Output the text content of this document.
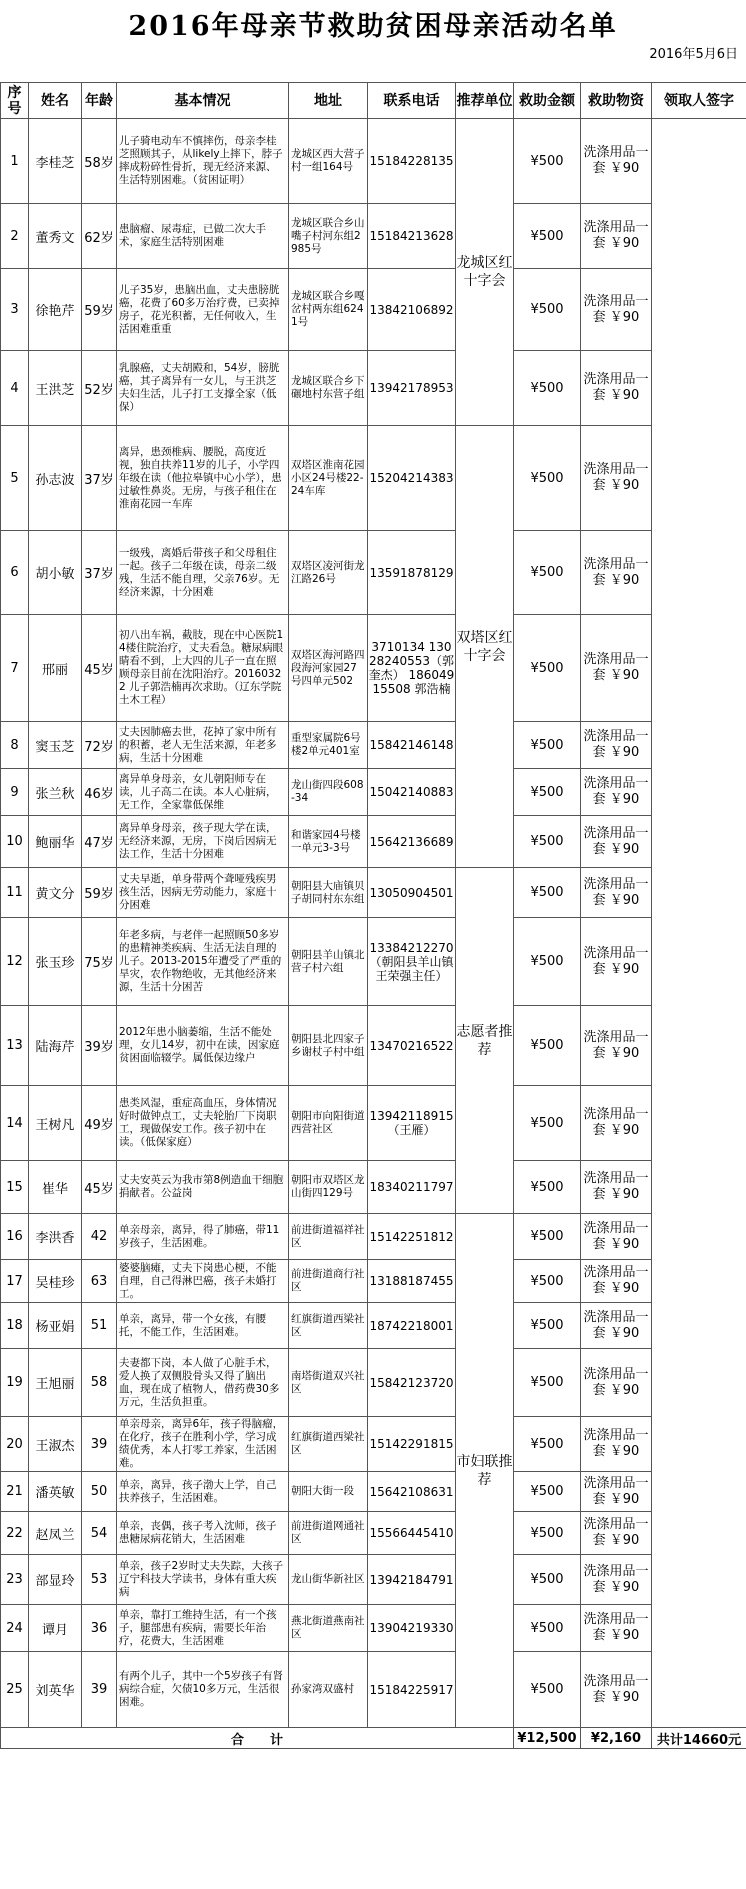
2016年母亲节救助贫困母亲活动名单
2016年5月6日
序号	姓名	年龄	基本情况	地址	联系电话	推荐单位	救助金额	救助物资	领取人签字
1	李桂芝	58岁	儿子骑电动车不慎摔伤，母亲李桂芝照顾其子，从likely上摔下，脖子摔成粉碎性骨折，现无经济来源、生活特别困难。（贫困证明）	龙城区西大营子村一组164号	15184228135	龙城区红十字会	¥500	洗涤用品一套 ￥90	
2	董秀文	62岁	患脑瘤、尿毒症，已做二次大手术，家庭生活特别困难	龙城区联合乡山嘴子村河东组2985号	15184213628		¥500	洗涤用品一套 ￥90	
3	徐艳芹	59岁	儿子35岁，患脑出血，丈夫患膀胱癌，花费了60多万治疗费，已卖掉房子，花光积蓄，无任何收入，生活困难重重	龙城区联合乡嘎岔村两东组6241号	13842106892		¥500	洗涤用品一套 ￥90	
4	王洪芝	52岁	乳腺癌，丈夫胡殿和，54岁，膀胱癌，其子离异有一女儿，与王洪芝夫妇生活，儿子打工支撑全家（低保）	龙城区联合乡下碾地村东营子组	13942178953		¥500	洗涤用品一套 ￥90	
5	孙志波	37岁	离异，患颈椎病、腰脱，高度近视，独自扶养11岁的儿子，小学四年级在读（他拉皋镇中心小学），患过敏性鼻炎。无房，与孩子租住在淮南花园一车库	双塔区淮南花园小区24号楼22-24车库	15204214383	双塔区红十字会	¥500	洗涤用品一套 ￥90	
6	胡小敏	37岁	一级残，离婚后带孩子和父母租住一起。孩子二年级在读，母亲二级残，生活不能自理，父亲76岁。无经济来源，十分困难	双塔区凌河街龙江路26号	13591878129		¥500	洗涤用品一套 ￥90	
7	邢丽	45岁	初八出车祸，截肢，现在中心医院14楼住院治疗，丈夫看急。糖尿病眼睛看不到，上大四的儿子一直在照顾母亲目前在沈阳治疗。20160322 儿子郭浩楠再次求助。（辽东学院土木工程）	双塔区海河路四段海河家园27号四单元502	3710134 13028240553（郭奎杰） 18604915508 郭浩楠		¥500	洗涤用品一套 ￥90	
8	窦玉芝	72岁	丈夫因肺癌去世，花掉了家中所有的积蓄，老人无生活来源，年老多病，生活十分困难	重型家属院6号楼2单元401室	15842146148		¥500	洗涤用品一套 ￥90	
9	张兰秋	46岁	离异单身母亲，女儿朝阳师专在读，儿子高二在读。本人心脏病，无工作，全家靠低保维	龙山街四段608-34	15042140883		¥500	洗涤用品一套 ￥90	
10	鲍丽华	47岁	离异单身母亲，孩子现大学在读，无经济来源，无房，下岗后因病无法工作，生活十分困难	和谐家园4号楼一单元3-3号	15642136689		¥500	洗涤用品一套 ￥90	
11	黄文分	59岁	丈夫早逝，单身带两个聋哑残疾男孩生活，因病无劳动能力，家庭十分困难	朝阳县大庙镇贝子胡同村东东组	13050904501	志愿者推荐	¥500	洗涤用品一套 ￥90	
12	张玉珍	75岁	年老多病，与老伴一起照顾50多岁的患精神类疾病、生活无法自理的儿子。2013-2015年遭受了严重的旱灾，农作物绝收，无其他经济来源，生活十分困苦	朝阳县羊山镇北营子村六组	13384212270（朝阳县羊山镇王荣强主任）		¥500	洗涤用品一套 ￥90	
13	陆海芹	39岁	2012年患小脑萎缩，生活不能处理，女儿14岁，初中在读，因家庭贫困面临辍学。属低保边缘户	朝阳县北四家子乡谢杖子村中组	13470216522		¥500	洗涤用品一套 ￥90	
14	王树凡	49岁	患类风湿，重症高血压，身体情况好时做钟点工，丈夫轮胎厂下岗职工，现做保安工作。孩子初中在读。（低保家庭）	朝阳市向阳街道西营社区	13942118915（王雁）		¥500	洗涤用品一套 ￥90	
15	崔华	45岁	丈夫安英云为我市第8例造血干细胞捐献者。公益岗	朝阳市双塔区龙山街四129号	18340211797		¥500	洗涤用品一套 ￥90	
16	李洪香	42	单亲母亲，离异，得了肺癌，带11岁孩子，生活困难。	前进街道福祥社区	15142251812	市妇联推荐	¥500	洗涤用品一套 ￥90	
17	吴桂珍	63	婆婆脑瘫，丈夫下岗患心梗，不能自理，自己得淋巴癌，孩子未婚打工。	前进街道商行社区	13188187455		¥500	洗涤用品一套 ￥90	
18	杨亚娟	51	单亲，离异，带一个女孩，有腰托，不能工作，生活困难。	红旗街道西梁社区	18742218001		¥500	洗涤用品一套 ￥90	
19	王旭丽	58	夫妻都下岗，本人做了心脏手术，爱人换了双侧股骨头又得了脑出血，现在成了植物人，借药费30多万元，生活负担重。	南塔街道双兴社区	15842123720		¥500	洗涤用品一套 ￥90	
20	王淑杰	39	单亲母亲，离异6年，孩子得脑瘤，在化疗，孩子在胜利小学，学习成绩优秀，本人打零工养家，生活困难。	红旗街道西梁社区	15142291815		¥500	洗涤用品一套 ￥90	
21	潘英敏	50	单亲，离异，孩子渤大上学，自己扶养孩子，生活困难。	朝阳大街一段	15642108631		¥500	洗涤用品一套 ￥90	
22	赵凤兰	54	单亲，丧偶，孩子考入沈师，孩子患糖尿病花销大，生活困难	前进街道网通社区	15566445410		¥500	洗涤用品一套 ￥90	
23	部显玲	53	单亲，孩子2岁时丈夫失踪，大孩子辽宁科技大学读书，身体有重大疾病	龙山街华新社区	13942184791		¥500	洗涤用品一套 ￥90	
24	谭月	36	单亲，靠打工维持生活，有一个孩子，腿部患有疾病，需要长年治疗，花费大，生活困难	燕北街道燕南社区	13904219330		¥500	洗涤用品一套 ￥90	
25	刘英华	39	有两个儿子，其中一个5岁孩子有肾病综合症，欠债10多万元，生活很困难。	孙家湾双盛村	15184225917		¥500	洗涤用品一套 ￥90	
合　　计							¥12,500	¥2,160	共计14660元
